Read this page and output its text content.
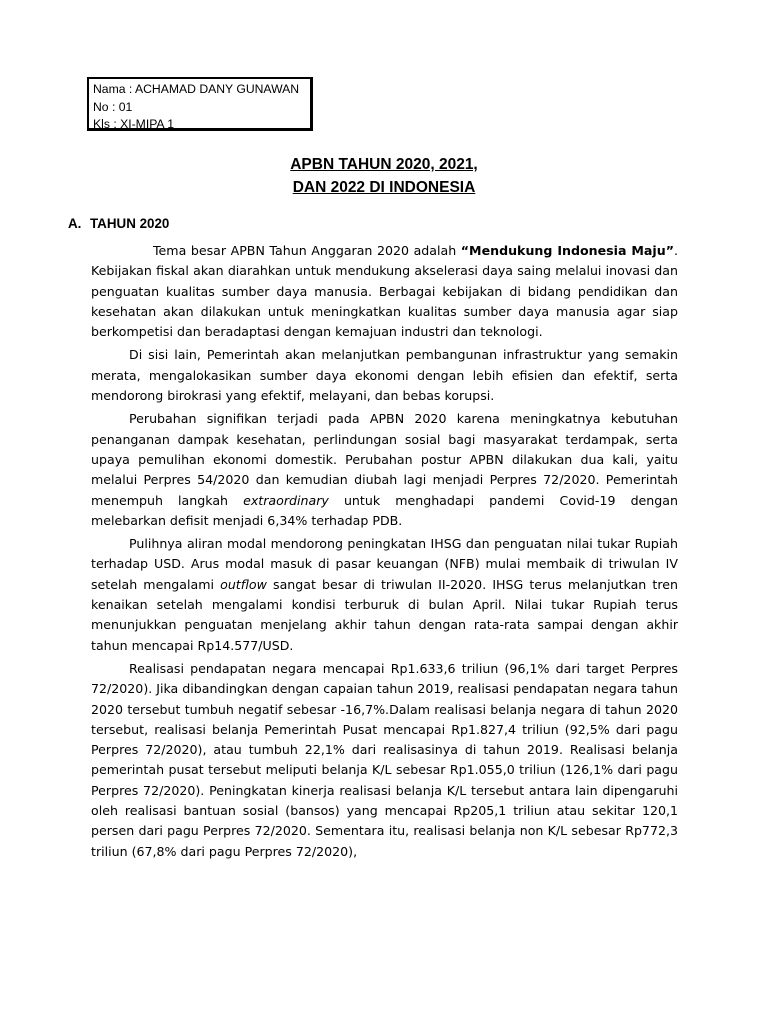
Nama : ACHAMAD DANY GUNAWAN
No : 01
Kls : XI-MIPA 1
APBN TAHUN 2020, 2021,
DAN 2022 DI INDONESIA
A. TAHUN 2020

Tema besar APBN Tahun Anggaran 2020 adalah “Mendukung Indonesia Maju”. Kebijakan fiskal akan diarahkan untuk mendukung akselerasi daya saing melalui inovasi dan penguatan kualitas sumber daya manusia. Berbagai kebijakan di bidang pendidikan dan kesehatan akan dilakukan untuk meningkatkan kualitas sumber daya manusia agar siap berkompetisi dan beradaptasi dengan kemajuan industri dan teknologi.

Di sisi lain, Pemerintah akan melanjutkan pembangunan infrastruktur yang semakin merata, mengalokasikan sumber daya ekonomi dengan lebih efisien dan efektif, serta mendorong birokrasi yang efektif, melayani, dan bebas korupsi.

Perubahan signifikan terjadi pada APBN 2020 karena meningkatnya kebutuhan penanganan dampak kesehatan, perlindungan sosial bagi masyarakat terdampak, serta upaya pemulihan ekonomi domestik. Perubahan postur APBN dilakukan dua kali, yaitu melalui Perpres 54/2020 dan kemudian diubah lagi menjadi Perpres 72/2020. Pemerintah menempuh langkah extraordinary untuk menghadapi pandemi Covid-19 dengan melebarkan defisit menjadi 6,34% terhadap PDB.

Pulihnya aliran modal mendorong peningkatan IHSG dan penguatan nilai tukar Rupiah terhadap USD. Arus modal masuk di pasar keuangan (NFB) mulai membaik di triwulan IV setelah mengalami outflow sangat besar di triwulan II-2020. IHSG terus melanjutkan tren kenaikan setelah mengalami kondisi terburuk di bulan April. Nilai tukar Rupiah terus menunjukkan penguatan menjelang akhir tahun dengan rata-rata sampai dengan akhir tahun mencapai Rp14.577/USD.

Realisasi pendapatan negara mencapai Rp1.633,6 triliun (96,1% dari target Perpres 72/2020). Jika dibandingkan dengan capaian tahun 2019, realisasi pendapatan negara tahun 2020 tersebut tumbuh negatif sebesar -16,7%.Dalam realisasi belanja negara di tahun 2020 tersebut, realisasi belanja Pemerintah Pusat mencapai Rp1.827,4 triliun (92,5% dari pagu Perpres 72/2020), atau tumbuh 22,1% dari realisasinya di tahun 2019. Realisasi belanja pemerintah pusat tersebut meliputi belanja K/L sebesar Rp1.055,0 triliun (126,1% dari pagu Perpres 72/2020). Peningkatan kinerja realisasi belanja K/L tersebut antara lain dipengaruhi oleh realisasi bantuan sosial (bansos) yang mencapai Rp205,1 triliun atau sekitar 120,1 persen dari pagu Perpres 72/2020. Sementara itu, realisasi belanja non K/L sebesar Rp772,3 triliun (67,8% dari pagu Perpres 72/2020),
